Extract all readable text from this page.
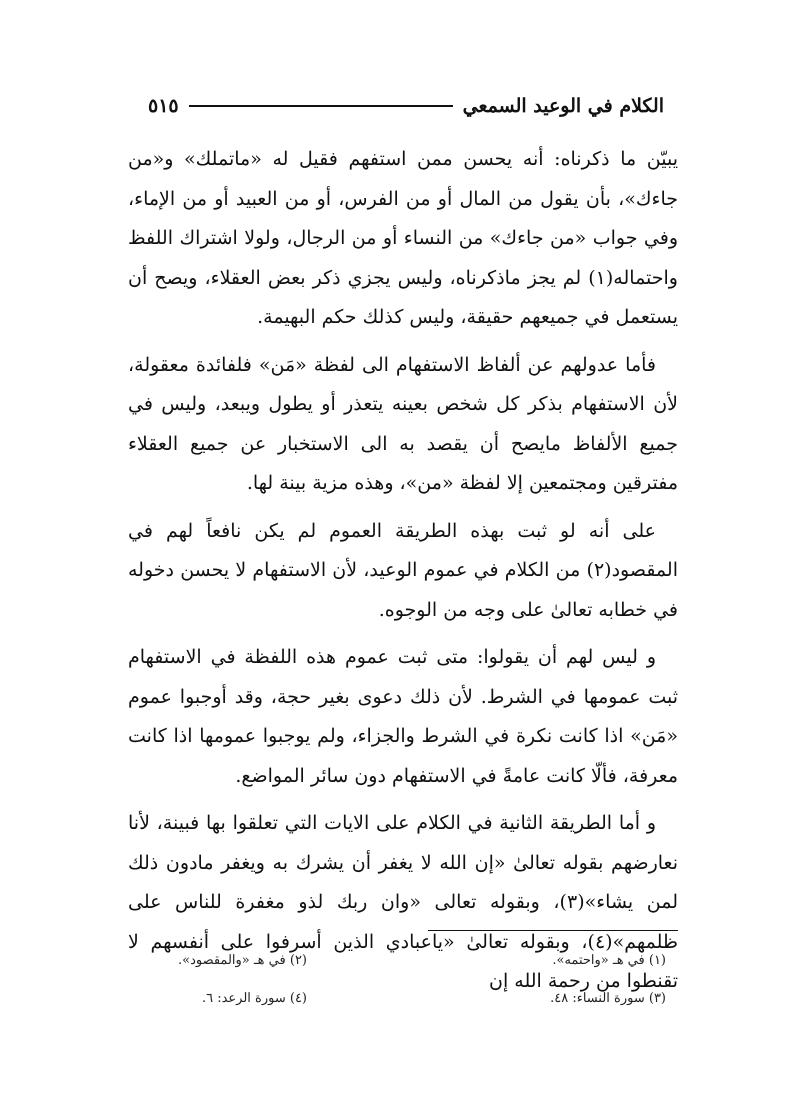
الكلام في الوعيد السمعي
٥١٥

يبيّن ما ذكرناه: أنه يحسن ممن استفهم فقيل له «ماتملك» و«من جاءك»، بأن يقول من المال أو من الفرس، أو من العبيد أو من الإماء، وفي جواب «من جاءك» من النساء أو من الرجال، ولولا اشتراك اللفظ واحتماله(١) لم يجز ماذكرناه، وليس يجزي ذكر بعض العقلاء، ويصح أن يستعمل في جميعهم حقيقة، وليس كذلك حكم البهيمة.

فأما عدولهم عن ألفاظ الاستفهام الى لفظة «مَن» فلفائدة معقولة، لأن الاستفهام بذكر كل شخص بعينه يتعذر أو يطول ويبعد، وليس في جميع الألفاظ مايصح أن يقصد به الى الاستخبار عن جميع العقلاء مفترقين ومجتمعين إلا لفظة «من»، وهذه مزية بينة لها.

على أنه لو ثبت بهذه الطريقة العموم لم يكن نافعاً لهم في المقصود(٢) من الكلام في عموم الوعيد، لأن الاستفهام لا يحسن دخوله في خطابه تعالىٰ على وجه من الوجوه.

و ليس لهم أن يقولوا: متى ثبت عموم هذه اللفظة في الاستفهام ثبت عمومها في الشرط. لأن ذلك دعوى بغير حجة، وقد أوجبوا عموم «مَن» اذا كانت نكرة في الشرط والجزاء، ولم يوجبوا عمومها اذا كانت معرفة، فألّا كانت عامةً في الاستفهام دون سائر المواضع.

و أما الطريقة الثانية في الكلام على الايات التي تعلقوا بها فبينة، لأنا نعارضهم بقوله تعالىٰ «إن الله لا يغفر أن يشرك به ويغفر مادون ذلك لمن يشاء»(٣)، وبقوله تعالى «وان ربك لذو مغفرة للناس على ظلمهم»(٤)، وبقوله تعالىٰ «ياعبادي الذين أسرفوا على أنفسهم لا تقنطوا من رحمة الله إن

(١) في هـ «واحتمه».
(٢) في هـ «والمقصود».
(٣) سورة النساء: ٤٨.
(٤) سورة الرعد: ٦.
